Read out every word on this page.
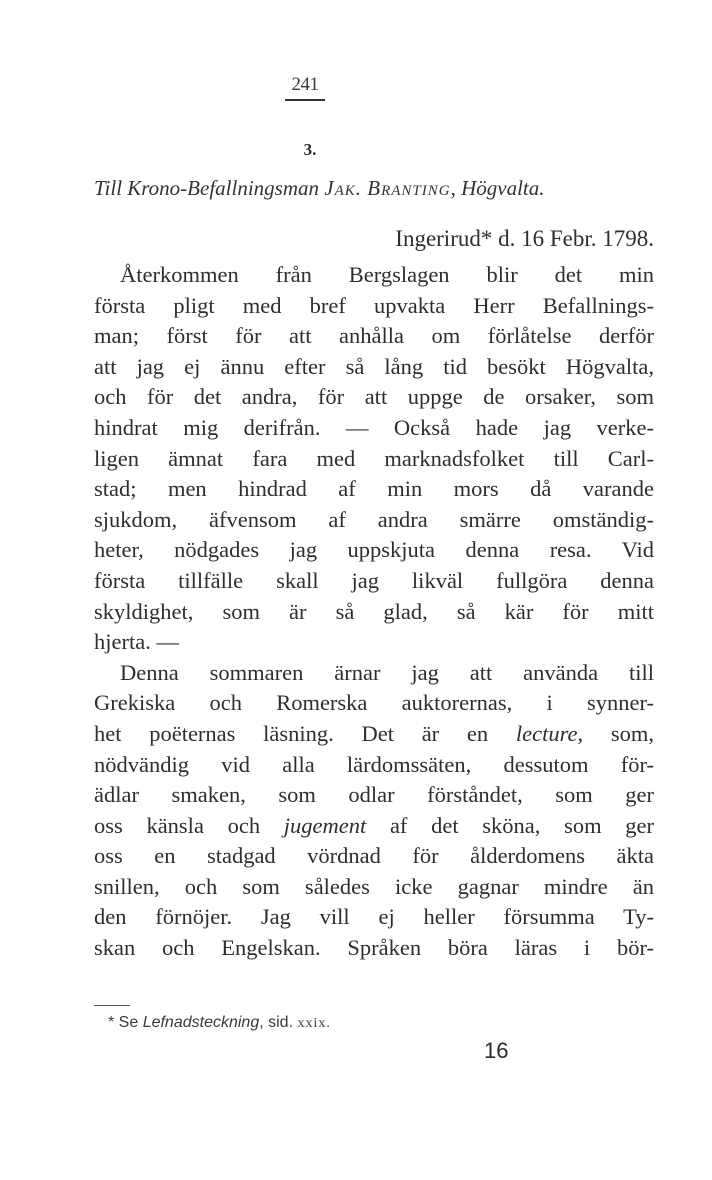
241
3.
Till Krono-Befallningsman Jak. Branting, Högvalta.
Ingerirud* d. 16 Febr. 1798.
Återkommen från Bergslagen blir det min
första pligt med bref upvakta Herr Befallnings-
man; först för att anhålla om förlåtelse derför
att jag ej ännu efter så lång tid besökt Högvalta,
och för det andra, för att uppge de orsaker, som
hindrat mig derifrån. — Också hade jag verke-
ligen ämnat fara med marknadsfolket till Carl-
stad; men hindrad af min mors då varande
sjukdom, äfvensom af andra smärre omständig-
heter, nödgades jag uppskjuta denna resa. Vid
första tillfälle skall jag likväl fullgöra denna
skyldighet, som är så glad, så kär för mitt
hjerta. —
Denna sommaren ärnar jag att använda till
Grekiska och Romerska auktorernas, i synner-
het poëternas läsning. Det är en lecture, som,
nödvändig vid alla lärdomssäten, dessutom för-
ädlar smaken, som odlar förståndet, som ger
oss känsla och jugement af det sköna, som ger
oss en stadgad vördnad för ålderdomens äkta
snillen, och som således icke gagnar mindre än
den förnöjer. Jag vill ej heller försumma Ty-
skan och Engelskan. Språken böra läras i bör-
* Se Lefnadsteckning, sid. xxix.
16
